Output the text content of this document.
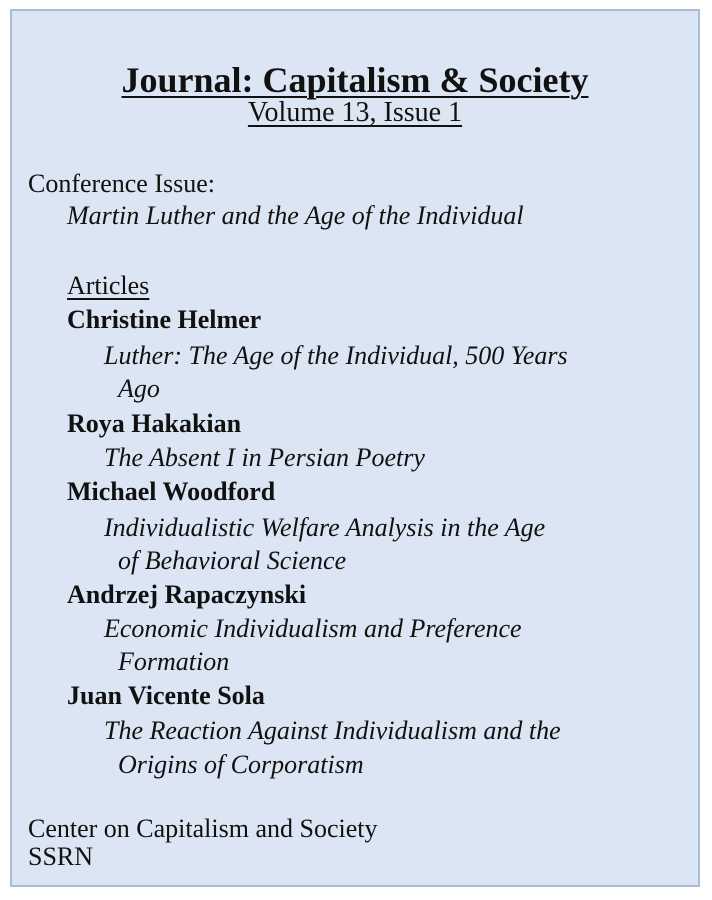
Journal: Capitalism & Society
Volume 13, Issue 1
Conference Issue:
Martin Luther and the Age of the Individual
Articles
Christine Helmer
Luther: The Age of the Individual, 500 Years
Ago
Roya Hakakian
The Absent I in Persian Poetry
Michael Woodford
Individualistic Welfare Analysis in the Age
of Behavioral Science
Andrzej Rapaczynski
Economic Individualism and Preference
Formation
Juan Vicente Sola
The Reaction Against Individualism and the
Origins of Corporatism
Center on Capitalism and Society
SSRN
